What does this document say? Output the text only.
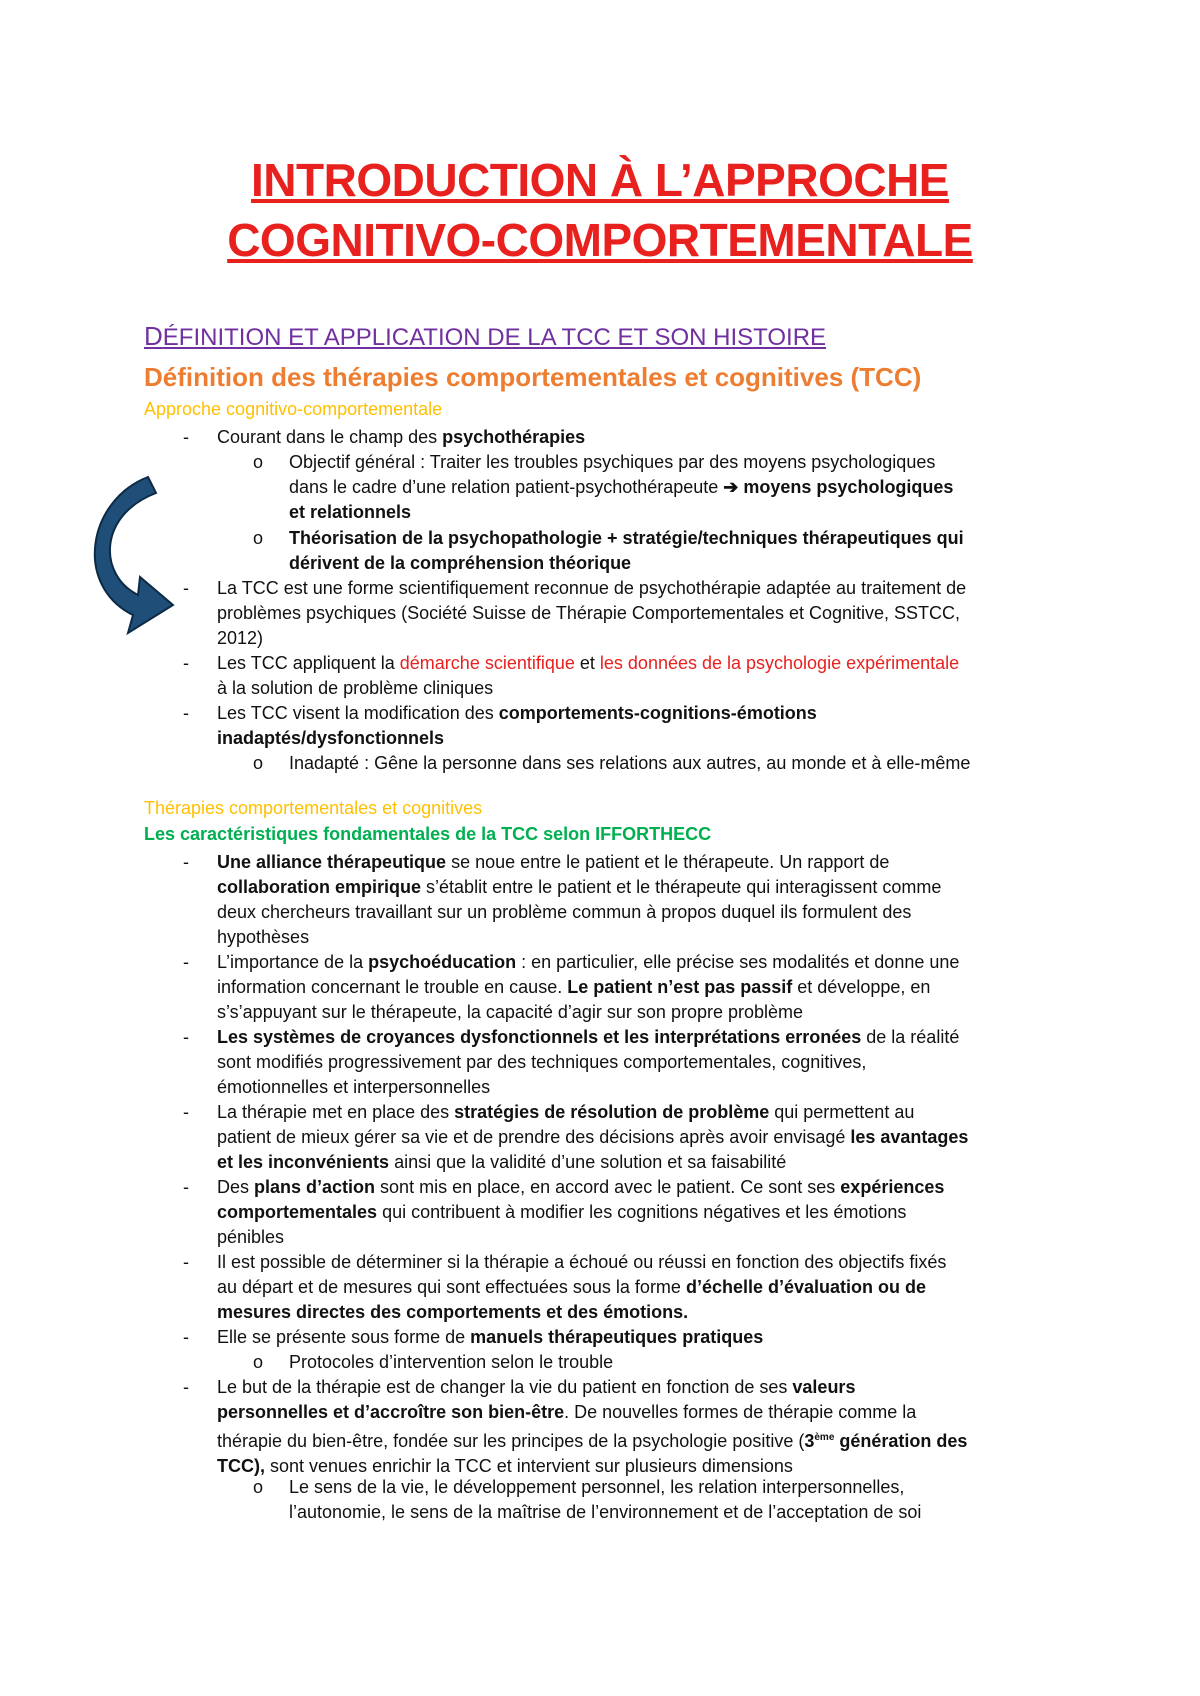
INTRODUCTION À L’APPROCHE
COGNITIVO-COMPORTEMENTALE
DÉFINITION ET APPLICATION DE LA TCC ET SON HISTOIRE
Définition des thérapies comportementales et cognitives (TCC)
Approche cognitivo-comportementale
- Courant dans le champ des psychothérapies
o Objectif général : Traiter les troubles psychiques par des moyens psychologiques
dans le cadre d’une relation patient-psychothérapeute ➔ moyens psychologiques
et relationnels
o Théorisation de la psychopathologie + stratégie/techniques thérapeutiques qui
dérivent de la compréhension théorique
- La TCC est une forme scientifiquement reconnue de psychothérapie adaptée au traitement de
problèmes psychiques (Société Suisse de Thérapie Comportementales et Cognitive, SSTCC,
2012)
- Les TCC appliquent la démarche scientifique et les données de la psychologie expérimentale
à la solution de problème cliniques
- Les TCC visent la modification des comportements-cognitions-émotions
inadaptés/dysfonctionnels
o Inadapté : Gêne la personne dans ses relations aux autres, au monde et à elle-même
Thérapies comportementales et cognitives
Les caractéristiques fondamentales de la TCC selon IFFORTHECC
- Une alliance thérapeutique se noue entre le patient et le thérapeute. Un rapport de
collaboration empirique s’établit entre le patient et le thérapeute qui interagissent comme
deux chercheurs travaillant sur un problème commun à propos duquel ils formulent des
hypothèses
- L’importance de la psychoéducation : en particulier, elle précise ses modalités et donne une
information concernant le trouble en cause. Le patient n’est pas passif et développe, en
s’s’appuyant sur le thérapeute, la capacité d’agir sur son propre problème
- Les systèmes de croyances dysfonctionnels et les interprétations erronées de la réalité
sont modifiés progressivement par des techniques comportementales, cognitives,
émotionnelles et interpersonnelles
- La thérapie met en place des stratégies de résolution de problème qui permettent au
patient de mieux gérer sa vie et de prendre des décisions après avoir envisagé les avantages
et les inconvénients ainsi que la validité d’une solution et sa faisabilité
- Des plans d’action sont mis en place, en accord avec le patient. Ce sont ses expériences
comportementales qui contribuent à modifier les cognitions négatives et les émotions
pénibles
- Il est possible de déterminer si la thérapie a échoué ou réussi en fonction des objectifs fixés
au départ et de mesures qui sont effectuées sous la forme d’échelle d’évaluation ou de
mesures directes des comportements et des émotions.
- Elle se présente sous forme de manuels thérapeutiques pratiques
o Protocoles d’intervention selon le trouble
- Le but de la thérapie est de changer la vie du patient en fonction de ses valeurs
personnelles et d’accroître son bien-être. De nouvelles formes de thérapie comme la
thérapie du bien-être, fondée sur les principes de la psychologie positive (3ème génération des
TCC), sont venues enrichir la TCC et intervient sur plusieurs dimensions
o Le sens de la vie, le développement personnel, les relation interpersonnelles,
l’autonomie, le sens de la maîtrise de l’environnement et de l’acceptation de soi
